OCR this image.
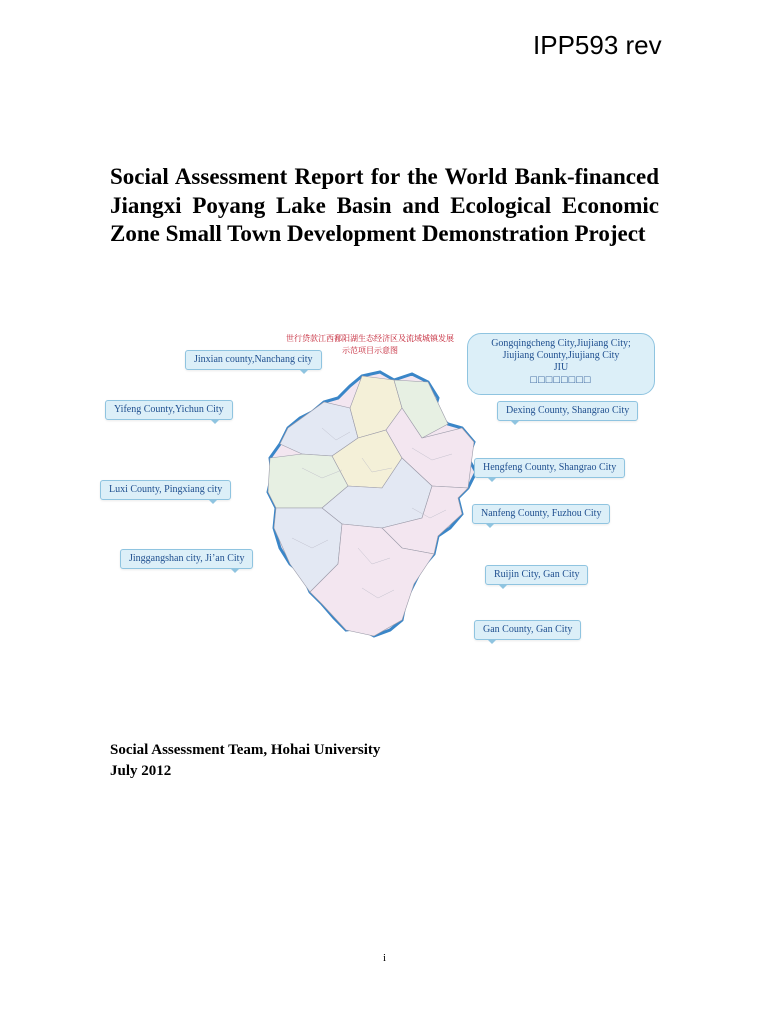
IPP593 rev
Social Assessment Report for the World Bank-financed Jiangxi Poyang Lake Basin and Ecological Economic Zone Small Town Development Demonstration Project
世行贷款江西鄱阳湖生态经济区及流域城镇发展
示范项目示意图
Jinxian county,Nanchang city
Yifeng County,Yichun City
Luxi County, Pingxiang city
Jinggangshan city, Ji’an City
Gongqingcheng City,Jiujiang City;
Jiujiang County,Jiujiang City
JIU
□□□□□□□□
Dexing County, Shangrao City
Hengfeng County, Shangrao City
Nanfeng County, Fuzhou City
Ruijin City, Gan City
Gan County, Gan City
Social Assessment Team, Hohai University
July 2012
i
